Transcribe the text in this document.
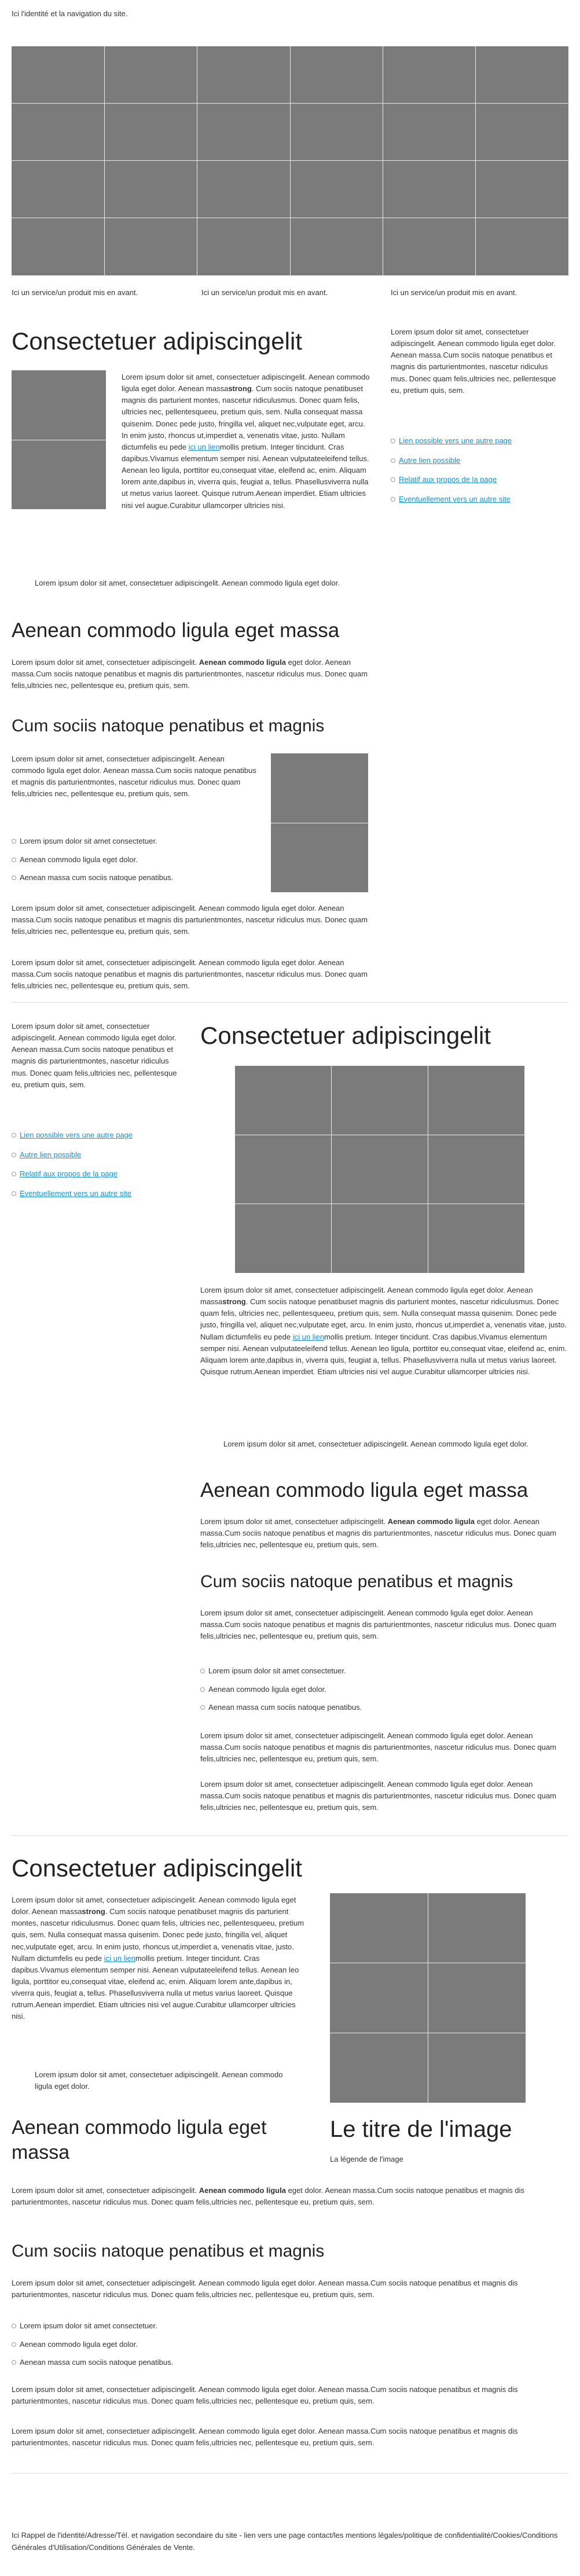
Ici l'identité et la navigation du site.
Ici un service/un produit mis en avant.	Ici un service/un produit mis en avant.	Ici un service/un produit mis en avant.
Consectetuer adipiscingelit
Lorem ipsum dolor sit amet, consectetuer adipiscingelit. Aenean commodo ligula eget dolor. Aenean massastrong. Cum sociis natoque penatibuset magnis dis parturient montes, nascetur ridiculusmus. Donec quam felis, ultricies nec, pellentesqueeu, pretium quis, sem. Nulla consequat massa quisenim. Donec pede justo, fringilla vel, aliquet nec,vulputate eget, arcu. In enim justo, rhoncus ut,imperdiet a, venenatis vitae, justo. Nullam dictumfelis eu pede ici un lienmollis pretium. Integer tincidunt. Cras dapibus.Vivamus elementum semper nisi. Aenean vulputateeleifend tellus. Aenean leo ligula, porttitor eu,consequat vitae, eleifend ac, enim. Aliquam lorem ante,dapibus in, viverra quis, feugiat a, tellus. Phasellusviverra nulla ut metus varius laoreet. Quisque rutrum.Aenean imperdiet. Etiam ultricies nisi vel augue.Curabitur ullamcorper ultricies nisi.
Lorem ipsum dolor sit amet, consectetuer adipiscingelit. Aenean commodo ligula eget dolor.
Aenean commodo ligula eget massa
Lorem ipsum dolor sit amet, consectetuer adipiscingelit. Aenean commodo ligula eget dolor. Aenean massa.Cum sociis natoque penatibus et magnis dis parturientmontes, nascetur ridiculus mus. Donec quam felis,ultricies nec, pellentesque eu, pretium quis, sem.
Cum sociis natoque penatibus et magnis
Lorem ipsum dolor sit amet, consectetuer adipiscingelit. Aenean commodo ligula eget dolor. Aenean massa.Cum sociis natoque penatibus et magnis dis parturientmontes, nascetur ridiculus mus. Donec quam felis,ultricies nec, pellentesque eu, pretium quis, sem.
Lorem ipsum dolor sit amet consectetuer.
Aenean commodo ligula eget dolor.
Aenean massa cum sociis natoque penatibus.
Lorem ipsum dolor sit amet, consectetuer adipiscingelit. Aenean commodo ligula eget dolor. Aenean massa.Cum sociis natoque penatibus et magnis dis parturientmontes, nascetur ridiculus mus. Donec quam felis,ultricies nec, pellentesque eu, pretium quis, sem.
Lorem ipsum dolor sit amet, consectetuer adipiscingelit. Aenean commodo ligula eget dolor. Aenean massa.Cum sociis natoque penatibus et magnis dis parturientmontes, nascetur ridiculus mus. Donec quam felis,ultricies nec, pellentesque eu, pretium quis, sem.
Lorem ipsum dolor sit amet, consectetuer adipiscingelit. Aenean commodo ligula eget dolor. Aenean massa.Cum sociis natoque penatibus et magnis dis parturientmontes, nascetur ridiculus mus. Donec quam felis,ultricies nec, pellentesque eu, pretium quis, sem.
Lien possible vers une autre page
Autre lien possible
Relatif aux propos de la page
Eventuellement vers un autre site
Lorem ipsum dolor sit amet, consectetuer adipiscingelit. Aenean commodo ligula eget dolor. Aenean massa.Cum sociis natoque penatibus et magnis dis parturientmontes, nascetur ridiculus mus. Donec quam felis,ultricies nec, pellentesque eu, pretium quis, sem.
Lien possible vers une autre page
Autre lien possible
Relatif aux propos de la page
Eventuellement vers un autre site
Consectetuer adipiscingelit
Lorem ipsum dolor sit amet, consectetuer adipiscingelit. Aenean commodo ligula eget dolor. Aenean massastrong. Cum sociis natoque penatibuset magnis dis parturient montes, nascetur ridiculusmus. Donec quam felis, ultricies nec, pellentesqueeu, pretium quis, sem. Nulla consequat massa quisenim. Donec pede justo, fringilla vel, aliquet nec,vulputate eget, arcu. In enim justo, rhoncus ut,imperdiet a, venenatis vitae, justo. Nullam dictumfelis eu pede ici un lienmollis pretium. Integer tincidunt. Cras dapibus.Vivamus elementum semper nisi. Aenean vulputateeleifend tellus. Aenean leo ligula, porttitor eu,consequat vitae, eleifend ac, enim. Aliquam lorem ante,dapibus in, viverra quis, feugiat a, tellus. Phasellusviverra nulla ut metus varius laoreet. Quisque rutrum.Aenean imperdiet. Etiam ultricies nisi vel augue.Curabitur ullamcorper ultricies nisi.
Lorem ipsum dolor sit amet, consectetuer adipiscingelit. Aenean commodo ligula eget dolor.
Aenean commodo ligula eget massa
Lorem ipsum dolor sit amet, consectetuer adipiscingelit. Aenean commodo ligula eget dolor. Aenean massa.Cum sociis natoque penatibus et magnis dis parturientmontes, nascetur ridiculus mus. Donec quam felis,ultricies nec, pellentesque eu, pretium quis, sem.
Cum sociis natoque penatibus et magnis
Lorem ipsum dolor sit amet, consectetuer adipiscingelit. Aenean commodo ligula eget dolor. Aenean massa.Cum sociis natoque penatibus et magnis dis parturientmontes, nascetur ridiculus mus. Donec quam felis,ultricies nec, pellentesque eu, pretium quis, sem.
Lorem ipsum dolor sit amet consectetuer.
Aenean commodo ligula eget dolor.
Aenean massa cum sociis natoque penatibus.
Lorem ipsum dolor sit amet, consectetuer adipiscingelit. Aenean commodo ligula eget dolor. Aenean massa.Cum sociis natoque penatibus et magnis dis parturientmontes, nascetur ridiculus mus. Donec quam felis,ultricies nec, pellentesque eu, pretium quis, sem.
Lorem ipsum dolor sit amet, consectetuer adipiscingelit. Aenean commodo ligula eget dolor. Aenean massa.Cum sociis natoque penatibus et magnis dis parturientmontes, nascetur ridiculus mus. Donec quam felis,ultricies nec, pellentesque eu, pretium quis, sem.
Consectetuer adipiscingelit
Lorem ipsum dolor sit amet, consectetuer adipiscingelit. Aenean commodo ligula eget dolor. Aenean massastrong. Cum sociis natoque penatibuset magnis dis parturient montes, nascetur ridiculusmus. Donec quam felis, ultricies nec, pellentesqueeu, pretium quis, sem. Nulla consequat massa quisenim. Donec pede justo, fringilla vel, aliquet nec,vulputate eget, arcu. In enim justo, rhoncus ut,imperdiet a, venenatis vitae, justo. Nullam dictumfelis eu pede ici un lienmollis pretium. Integer tincidunt. Cras dapibus.Vivamus elementum semper nisi. Aenean vulputateeleifend tellus. Aenean leo ligula, porttitor eu,consequat vitae, eleifend ac, enim. Aliquam lorem ante,dapibus in, viverra quis, feugiat a, tellus. Phasellusviverra nulla ut metus varius laoreet. Quisque rutrum.Aenean imperdiet. Etiam ultricies nisi vel augue.Curabitur ullamcorper ultricies nisi.
Lorem ipsum dolor sit amet, consectetuer adipiscingelit. Aenean commodo ligula eget dolor.
Aenean commodo ligula eget massa
Le titre de l'image
La légende de l'image
Lorem ipsum dolor sit amet, consectetuer adipiscingelit. Aenean commodo ligula eget dolor. Aenean massa.Cum sociis natoque penatibus et magnis dis parturientmontes, nascetur ridiculus mus. Donec quam felis,ultricies nec, pellentesque eu, pretium quis, sem.
Cum sociis natoque penatibus et magnis
Lorem ipsum dolor sit amet, consectetuer adipiscingelit. Aenean commodo ligula eget dolor. Aenean massa.Cum sociis natoque penatibus et magnis dis parturientmontes, nascetur ridiculus mus. Donec quam felis,ultricies nec, pellentesque eu, pretium quis, sem.
Lorem ipsum dolor sit amet consectetuer.
Aenean commodo ligula eget dolor.
Aenean massa cum sociis natoque penatibus.
Lorem ipsum dolor sit amet, consectetuer adipiscingelit. Aenean commodo ligula eget dolor. Aenean massa.Cum sociis natoque penatibus et magnis dis parturientmontes, nascetur ridiculus mus. Donec quam felis,ultricies nec, pellentesque eu, pretium quis, sem.
Lorem ipsum dolor sit amet, consectetuer adipiscingelit. Aenean commodo ligula eget dolor. Aenean massa.Cum sociis natoque penatibus et magnis dis parturientmontes, nascetur ridiculus mus. Donec quam felis,ultricies nec, pellentesque eu, pretium quis, sem.
Ici Rappel de l'identité/Adresse/Tél. et navigation secondaire du site - lien vers une page contact/les mentions légales/politique de confidentialité/Cookies/Conditions Générales d'Utilisation/Conditions Générales de Vente.
